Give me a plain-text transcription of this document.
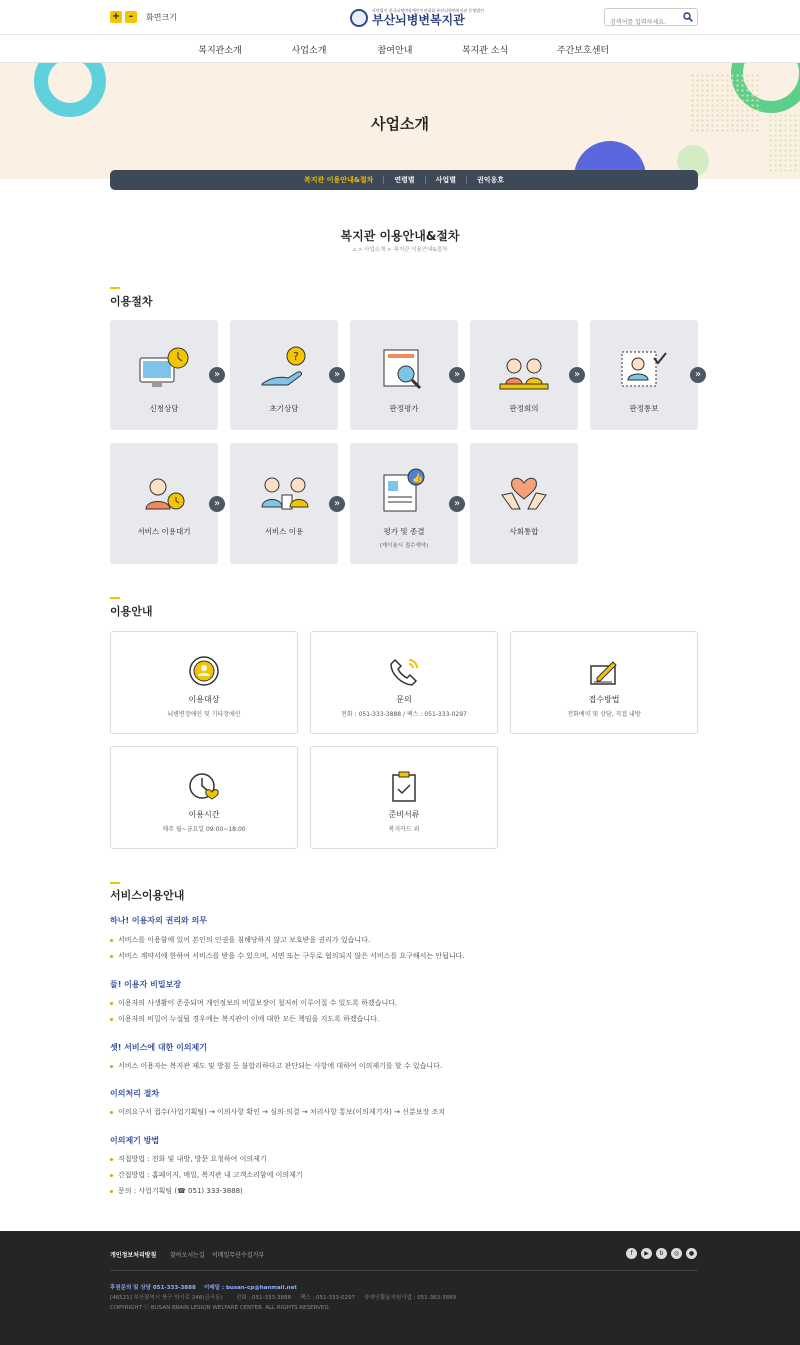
+ -	화면크기
사단법인 한국뇌병변장애인인권협회 부산뇌병변복지관 운영법인
부산뇌병변복지관
검색어를 입력하세요.
복지관소개	사업소개	참여안내	복지관 소식	주간보호센터
사업소개
복지관 이용안내&절차	연령별	사업별	권익옹호
복지관 이용안내&절차
⌂ > 사업소개 > 복지관 이용안내&절차
이용절차
신청상담
»
?
초기상담
»
판정평가
»
판정회의
»
판정통보
»
서비스 이용대기
»
서비스 이용
»
👍
평가 및 종결
(재이용시 접수예약)
»
사회통합
이용안내
이용대상
뇌병변장애인 및 기타장애인
문의
전화 : 051-333-3888 / 팩스 : 051-333-0297
접수방법
전화예약 및 상담, 직접 내방
이용시간
매주 월~금요일 09:00~18:00
준비서류
복지카드 외
서비스이용안내
하나! 이용자의 권리와 의무
서비스를 이용함에 있어 본인의 인권을 침해당하지 않고 보호받을 권리가 있습니다.
서비스 계약서에 한하여 서비스를 받을 수 있으며, 서면 또는 구두로 협의되지 않은 서비스를 요구해서는 안됩니다.
둘! 이용자 비밀보장
이용자의 사생활이 존중되며 개인정보의 비밀보장이 철저히 이루어질 수 있도록 하겠습니다.
이용자의 비밀이 누설될 경우에는 복지관이 이에 대한 모든 책임을 지도록 하겠습니다.
셋! 서비스에 대한 이의제기
서비스 이용자는 복지관 제도 및 방침 등 불합리하다고 판단되는 사항에 대하여 이의제기를 할 수 있습니다.
이의처리 절차
이의요구서 접수(사업기획팀) → 이의사항 확인 → 심의·의결 → 처리사항 통보(이의제기자) → 신분보장 조치
이의제기 방법
직접방법 : 전화 및 내방, 방문 요청하여 이의제기
간접방법 : 홈페이지, 메일, 복지관 내 고객소리함에 이의제기
문의 : 사업기획팀 (☎ 051) 333-3888)
개인정보처리방침 찾아오시는길 이메일무단수집거부	f	▶	b	◎	●
후원문의 및 상담 051-333-3888 이메일 : busan-cp@hanmail.net
[46521] 부산광역시 북구 학사로 246(금곡동) 전화 : 051-333-3888 팩스 : 051-333-0297 장애인활동지원사업 : 051-363-3889
COPYRIGHT ⓒ BUSAN BRAIN LESION WELFARE CENTER. ALL RIGHTS RESERVED.
